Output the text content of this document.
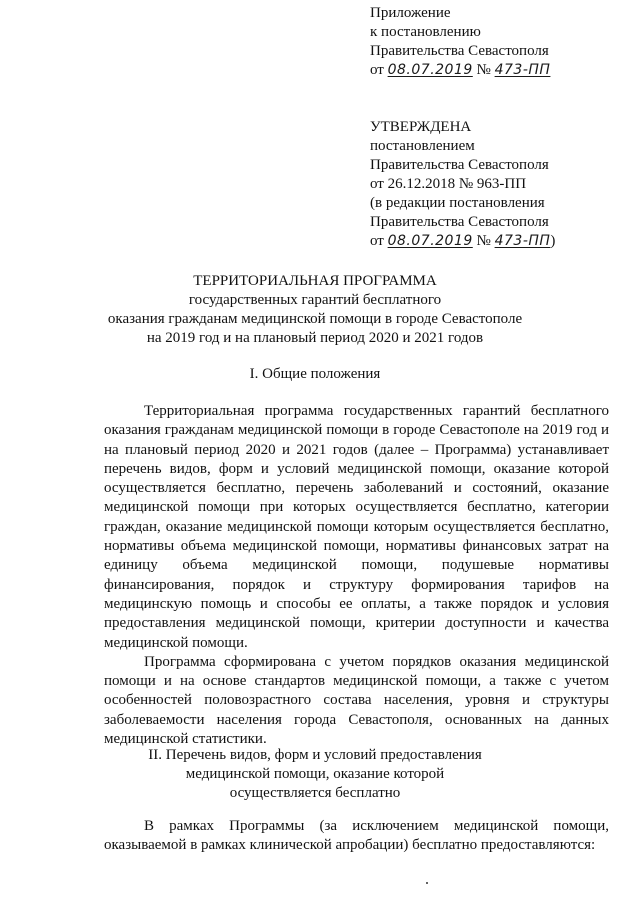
Приложение
к постановлению
Правительства Севастополя
от 08.07.2019 № 473-ПП
УТВЕРЖДЕНА
постановлением
Правительства Севастополя
от 26.12.2018 № 963-ПП
(в редакции постановления
Правительства Севастополя
от 08.07.2019 № 473-ПП)
ТЕРРИТОРИАЛЬНАЯ ПРОГРАММА
государственных гарантий бесплатного
оказания гражданам медицинской помощи в городе Севастополе
на 2019 год и на плановый период 2020 и 2021 годов
I. Общие положения

Территориальная программа государственных гарантий бесплатного оказания гражданам медицинской помощи в городе Севастополе на 2019 год и на плановый период 2020 и 2021 годов (далее – Программа) устанавливает перечень видов, форм и условий медицинской помощи, оказание которой осуществляется бесплатно, перечень заболеваний и состояний, оказание медицинской помощи при которых осуществляется бесплатно, категории граждан, оказание медицинской помощи которым осуществляется бесплатно, нормативы объема медицинской помощи, нормативы финансовых затрат на единицу объема медицинской помощи, подушевые нормативы финансирования, порядок и структуру формирования тарифов на медицинскую помощь и способы ее оплаты, а также порядок и условия предоставления медицинской помощи, критерии доступности и качества медицинской помощи.

Программа сформирована с учетом порядков оказания медицинской помощи и на основе стандартов медицинской помощи, а также с учетом особенностей половозрастного состава населения, уровня и структуры заболеваемости населения города Севастополя, основанных на данных медицинской статистики.

II. Перечень видов, форм и условий предоставления
медицинской помощи, оказание которой
осуществляется бесплатно

В рамках Программы (за исключением медицинской помощи, оказываемой в рамках клинической апробации) бесплатно предоставляются:
